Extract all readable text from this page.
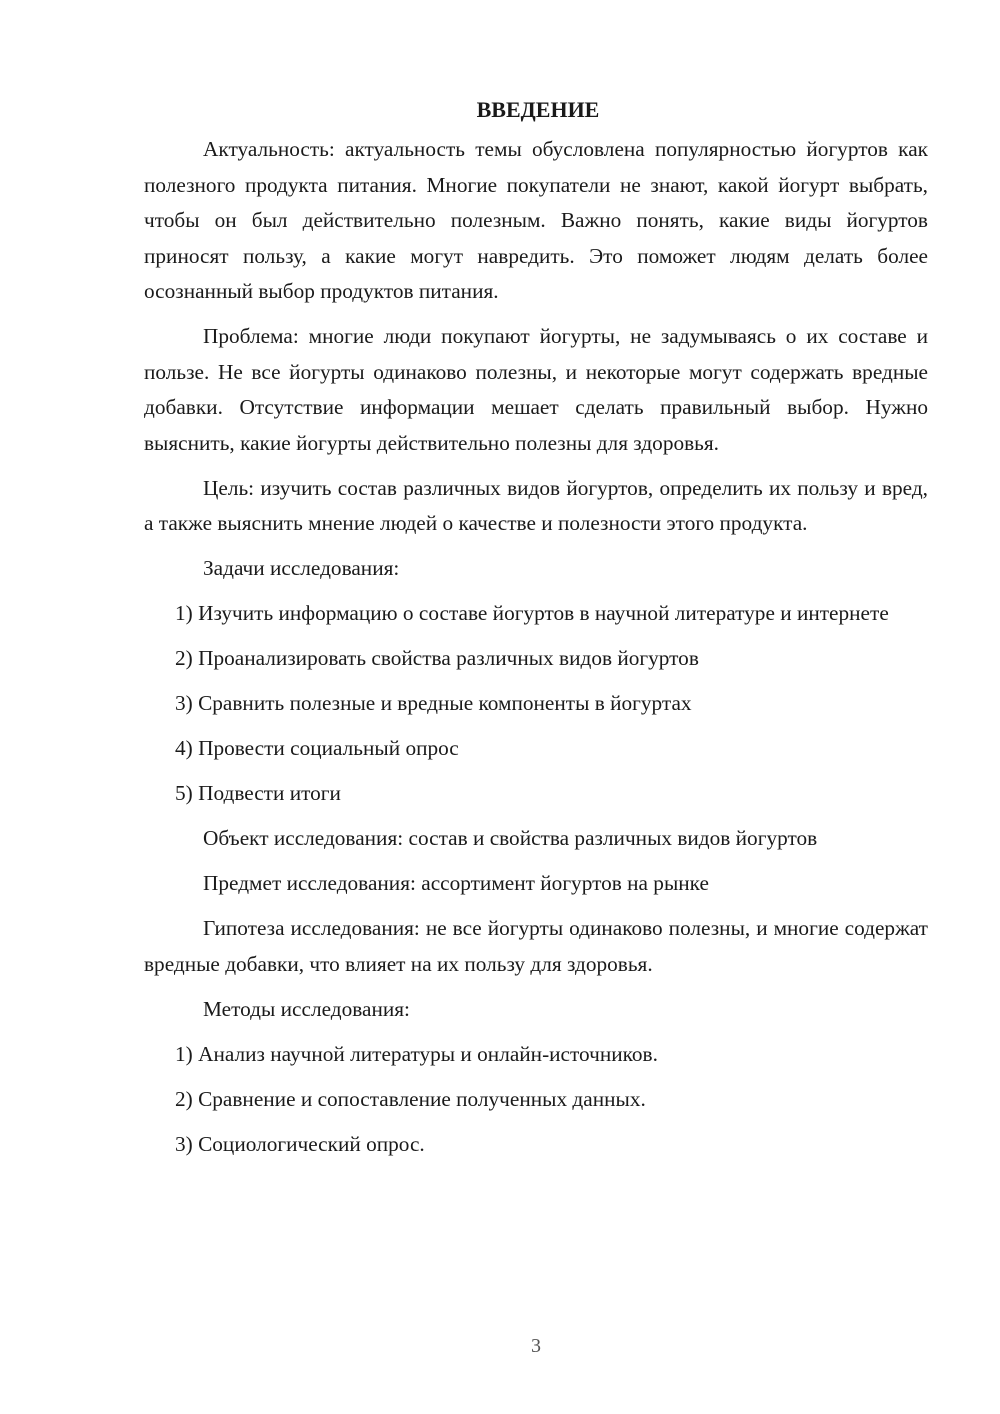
ВВЕДЕНИЕ

Актуальность: актуальность темы обусловлена популярностью йогуртов как полезного продукта питания. Многие покупатели не знают, какой йогурт выбрать, чтобы он был действительно полезным. Важно понять, какие виды йогуртов приносят пользу, а какие могут навредить. Это поможет людям делать более осознанный выбор продуктов питания.

Проблема: многие люди покупают йогурты, не задумываясь о их составе и пользе. Не все йогурты одинаково полезны, и некоторые могут содержать вредные добавки. Отсутствие информации мешает сделать правильный выбор. Нужно выяснить, какие йогурты действительно полезны для здоровья.

Цель: изучить состав различных видов йогуртов, определить их пользу и вред, а также выяснить мнение людей о качестве и полезности этого продукта.

Задачи исследования:

1) Изучить информацию о составе йогуртов в научной литературе и интернете

2) Проанализировать свойства различных видов йогуртов

3) Сравнить полезные и вредные компоненты в йогуртах

4) Провести социальный опрос

5) Подвести итоги

Объект исследования: состав и свойства различных видов йогуртов

Предмет исследования: ассортимент йогуртов на рынке

Гипотеза исследования: не все йогурты одинаково полезны, и многие содержат вредные добавки, что влияет на их пользу для здоровья.

Методы исследования:

1) Анализ научной литературы и онлайн-источников.

2) Сравнение и сопоставление полученных данных.

3) Социологический опрос.

3
